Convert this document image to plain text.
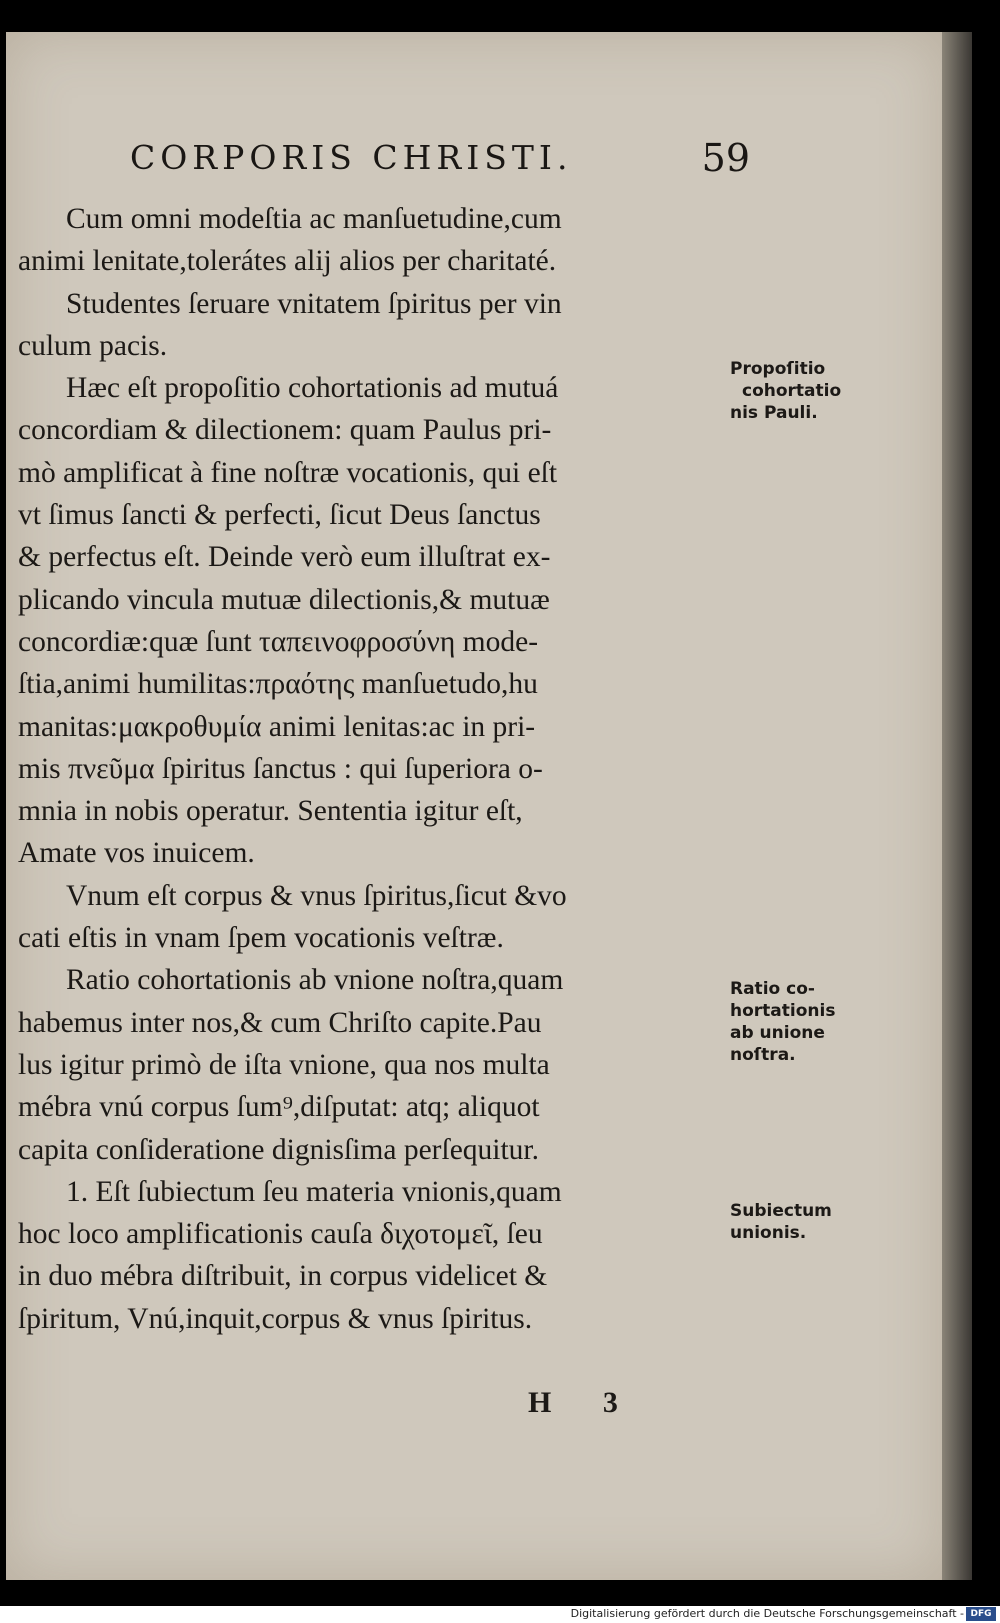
CORPORIS CHRISTI.	59
Cum omni modeſtia ac manſuetudine,cum
animi lenitate,tolerátes alij alios per charitaté.
Studentes ſeruare vnitatem ſpiritus per vin
culum pacis.
Hæc eſt propoſitio cohortationis ad mutuá
concordiam & dilectionem: quam Paulus pri-
mò amplificat à fine noſtræ vocationis, qui eſt
vt ſimus ſancti & perfecti, ſicut Deus ſanctus
& perfectus eſt. Deinde verò eum illuſtrat ex-
plicando vincula mutuæ dilectionis,& mutuæ
concordiæ:quæ ſunt ταπεινοφροσύνη mode-
ſtia,animi humilitas:πραότης manſuetudo,hu
manitas:μακροθυμία animi lenitas:ac in pri-
mis πνεῦμα ſpiritus ſanctus : qui ſuperiora o-
mnia in nobis operatur. Sententia igitur eſt,
Amate vos inuicem.
Vnum eſt corpus & vnus ſpiritus,ſicut &vo
cati eſtis in vnam ſpem vocationis veſtræ.
Ratio cohortationis ab vnione noſtra,quam
habemus inter nos,& cum Chriſto capite.Pau
lus igitur primò de iſta vnione, qua nos multa
mébra vnú corpus ſum⁹,diſputat: atq; aliquot
capita conſideratione dignisſima perſequitur.
1. Eſt ſubiectum ſeu materia vnionis,quam
hoc loco amplificationis cauſa διχοτομεῖ, ſeu
in duo mébra diſtribuit, in corpus videlicet &
ſpiritum, Vnú,inquit,corpus & vnus ſpiritus.
Propoſitio
cohortatio
nis Pauli.
Ratio co-
hortationis
ab unione
noſtra.
Subiectum
unionis.
H 3
Digitalisierung gefördert durch die Deutsche Forschungsgemeinschaft - DFG
